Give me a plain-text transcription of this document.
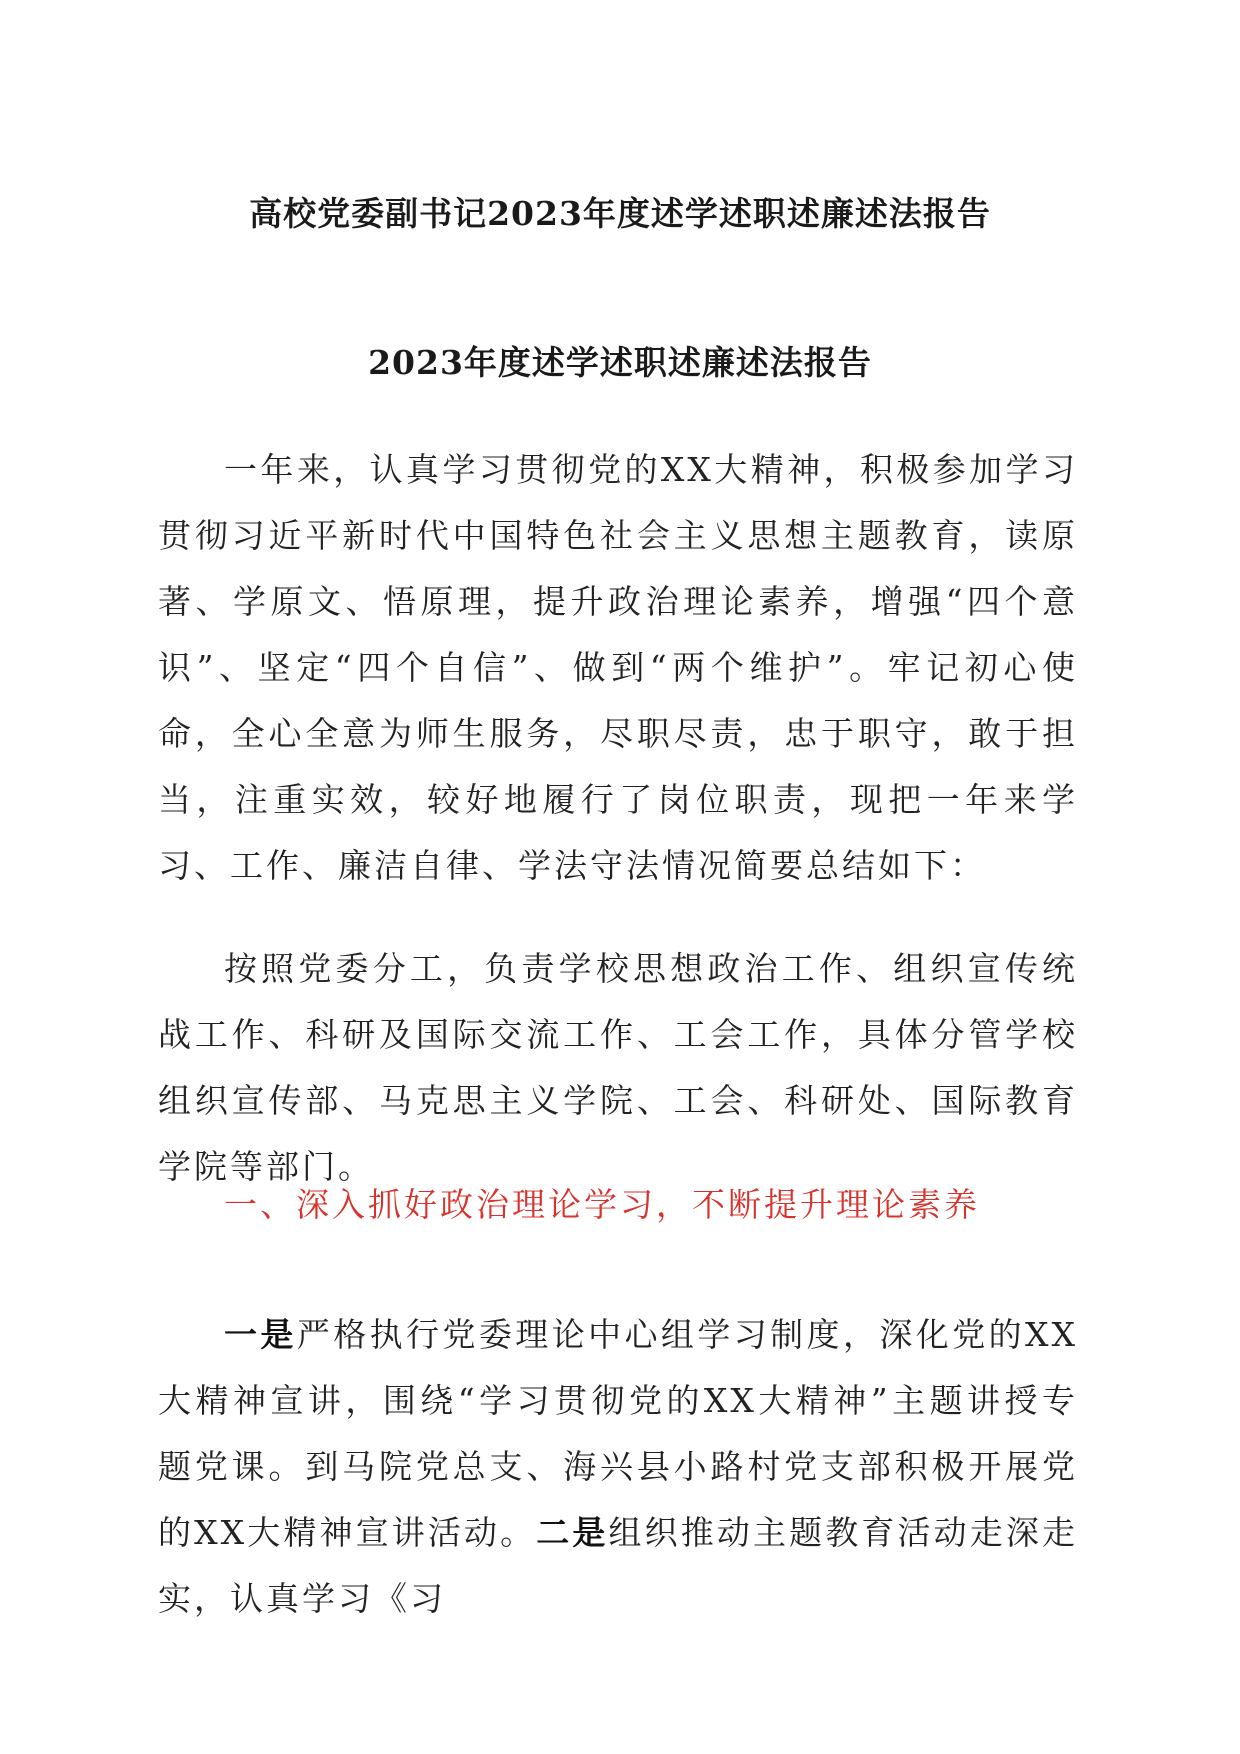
高校党委副书记2023年度述学述职述廉述法报告
2023年度述学述职述廉述法报告

一年来，认真学习贯彻党的XX大精神，积极参加学习贯彻习近平新时代中国特色社会主义思想主题教育，读原著、学原文、悟原理，提升政治理论素养，增强“四个意识”、坚定“四个自信”、做到“两个维护”。牢记初心使命，全心全意为师生服务，尽职尽责，忠于职守，敢于担当，注重实效，较好地履行了岗位职责，现把一年来学习、工作、廉洁自律、学法守法情况简要总结如下：

按照党委分工，负责学校思想政治工作、组织宣传统战工作、科研及国际交流工作、工会工作，具体分管学校组织宣传部、马克思主义学院、工会、科研处、国际教育学院等部门。

一、深入抓好政治理论学习，不断提升理论素养

一是严格执行党委理论中心组学习制度，深化党的XX大精神宣讲，围绕“学习贯彻党的XX大精神”主题讲授专题党课。到马院党总支、海兴县小路村党支部积极开展党的XX大精神宣讲活动。二是组织推动主题教育活动走深走实，认真学习《习
